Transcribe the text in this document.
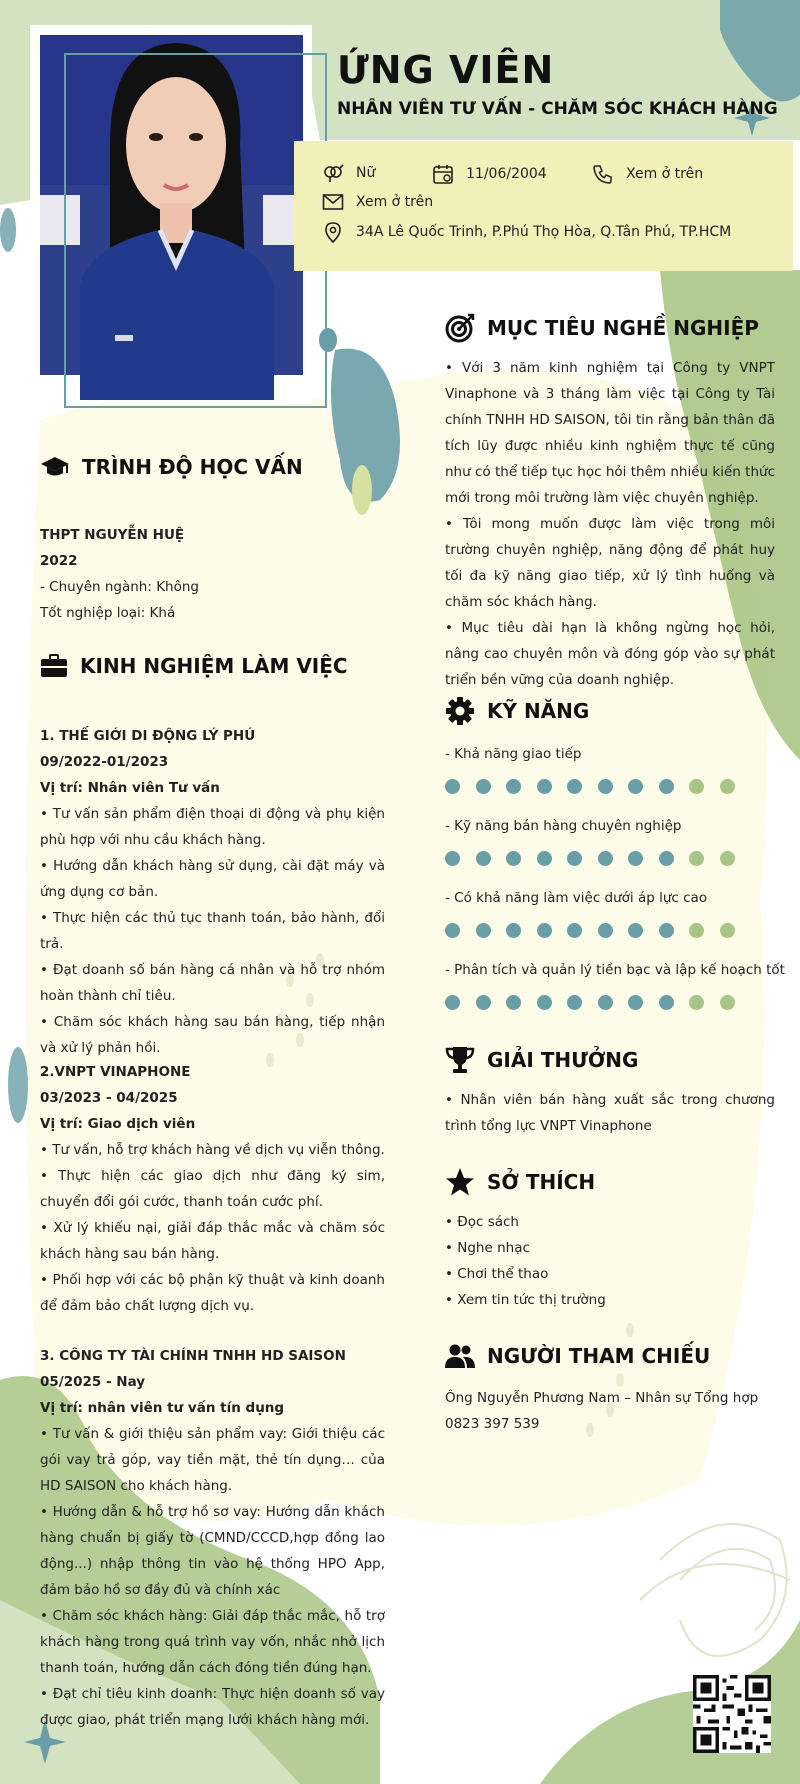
ỨNG VIÊN
NHÂN VIÊN TƯ VẤN - CHĂM SÓC KHÁCH HÀNG
Nữ	11/06/2004	Xem ở trên
Xem ở trên
34A Lê Quốc Trinh, P.Phú Thọ Hòa, Q.Tân Phú, TP.HCM
TRÌNH ĐỘ HỌC VẤN
THPT NGUYỄN HUỆ
2022
- Chuyên ngành: Không
Tốt nghiệp loại: Khá
KINH NGHIỆM LÀM VIỆC
1. THẾ GIỚI DI ĐỘNG LÝ PHÚ
09/2022-01/2023
Vị trí: Nhân viên Tư vấn
• Tư vấn sản phẩm điện thoại di động và phụ kiện phù hợp với nhu cầu khách hàng.
• Hướng dẫn khách hàng sử dụng, cài đặt máy và ứng dụng cơ bản.
• Thực hiện các thủ tục thanh toán, bảo hành, đổi trả.
• Đạt doanh số bán hàng cá nhân và hỗ trợ nhóm hoàn thành chỉ tiêu.
• Chăm sóc khách hàng sau bán hàng, tiếp nhận và xử lý phản hồi.
2.VNPT VINAPHONE
03/2023 - 04/2025
Vị trí: Giao dịch viên
• Tư vấn, hỗ trợ khách hàng về dịch vụ viễn thông.
• Thực hiện các giao dịch như đăng ký sim, chuyển đổi gói cước, thanh toán cước phí.
• Xử lý khiếu nại, giải đáp thắc mắc và chăm sóc khách hàng sau bán hàng.
• Phối hợp với các bộ phận kỹ thuật và kinh doanh để đảm bảo chất lượng dịch vụ.
3. CÔNG TY TÀI CHÍNH TNHH HD SAISON
05/2025 - Nay
Vị trí: nhân viên tư vấn tín dụng
• Tư vấn & giới thiệu sản phẩm vay: Giới thiệu các gói vay trả góp, vay tiền mặt, thẻ tín dụng… của HD SAISON cho khách hàng.
• Hướng dẫn & hỗ trợ hồ sơ vay: Hướng dẫn khách hàng chuẩn bị giấy tờ (CMND/CCCD,hợp đồng lao động...) nhập thông tin vào hệ thống HPO App, đảm bảo hồ sơ đầy đủ và chính xác
• Chăm sóc khách hàng: Giải đáp thắc mắc, hỗ trợ khách hàng trong quá trình vay vốn, nhắc nhở lịch thanh toán, hướng dẫn cách đóng tiền đúng hạn.
• Đạt chỉ tiêu kinh doanh: Thực hiện doanh số vay được giao, phát triển mạng lưới khách hàng mới.
MỤC TIÊU NGHỀ NGHIỆP
• Với 3 năm kinh nghiệm tại Công ty VNPT Vinaphone và 3 tháng làm việc tại Công ty Tài chính TNHH HD SAISON, tôi tin rằng bản thân đã tích lũy được nhiều kinh nghiệm thực tế cũng như có thể tiếp tục học hỏi thêm nhiều kiến thức mới trong môi trường làm việc chuyên nghiệp.
• Tôi mong muốn được làm việc trong môi trường chuyên nghiệp, năng động để phát huy tối đa kỹ năng giao tiếp, xử lý tình huống và chăm sóc khách hàng.
• Mục tiêu dài hạn là không ngừng học hỏi, nâng cao chuyên môn và đóng góp vào sự phát triển bền vững của doanh nghiệp.
KỸ NĂNG
- Khả năng giao tiếp
- Kỹ năng bán hàng chuyên nghiệp
- Có khả năng làm việc dưới áp lực cao
- Phân tích và quản lý tiền bạc và lập kế hoạch tốt
GIẢI THƯỞNG
• Nhân viên bán hàng xuất sắc trong chương trình tổng lực VNPT Vinaphone
SỞ THÍCH
• Đọc sách
• Nghe nhạc
• Chơi thể thao
• Xem tin tức thị trường
NGƯỜI THAM CHIẾU
Ông Nguyễn Phương Nam – Nhân sự Tổng hợp
0823 397 539
